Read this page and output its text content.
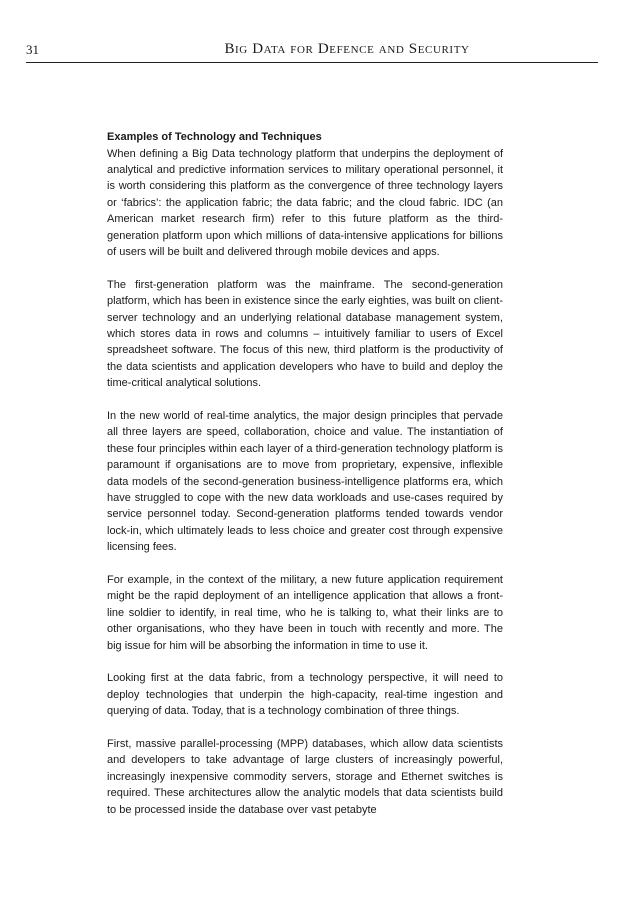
31	Big Data for Defence and Security

Examples of Technology and Techniques

When defining a Big Data technology platform that underpins the deployment of analytical and predictive information services to military operational personnel, it is worth considering this platform as the convergence of three technology layers or ‘fabrics’: the application fabric; the data fabric; and the cloud fabric. IDC (an American market research firm) refer to this future platform as the third-generation platform upon which millions of data-intensive applications for billions of users will be built and delivered through mobile devices and apps.

The first-generation platform was the mainframe. The second-generation platform, which has been in existence since the early eighties, was built on client-server technology and an underlying relational database management system, which stores data in rows and columns – intuitively familiar to users of Excel spreadsheet software. The focus of this new, third platform is the productivity of the data scientists and application developers who have to build and deploy the time-critical analytical solutions.

In the new world of real-time analytics, the major design principles that pervade all three layers are speed, collaboration, choice and value. The instantiation of these four principles within each layer of a third-generation technology platform is paramount if organisations are to move from proprietary, expensive, inflexible data models of the second-generation business-intelligence platforms era, which have struggled to cope with the new data workloads and use-cases required by service personnel today. Second-generation platforms tended towards vendor lock-in, which ultimately leads to less choice and greater cost through expensive licensing fees.

For example, in the context of the military, a new future application requirement might be the rapid deployment of an intelligence application that allows a front-line soldier to identify, in real time, who he is talking to, what their links are to other organisations, who they have been in touch with recently and more. The big issue for him will be absorbing the information in time to use it.

Looking first at the data fabric, from a technology perspective, it will need to deploy technologies that underpin the high-capacity, real-time ingestion and querying of data. Today, that is a technology combination of three things.

First, massive parallel-processing (MPP) databases, which allow data scientists and developers to take advantage of large clusters of increasingly powerful, increasingly inexpensive commodity servers, storage and Ethernet switches is required. These architectures allow the analytic models that data scientists build to be processed inside the database over vast petabyte
